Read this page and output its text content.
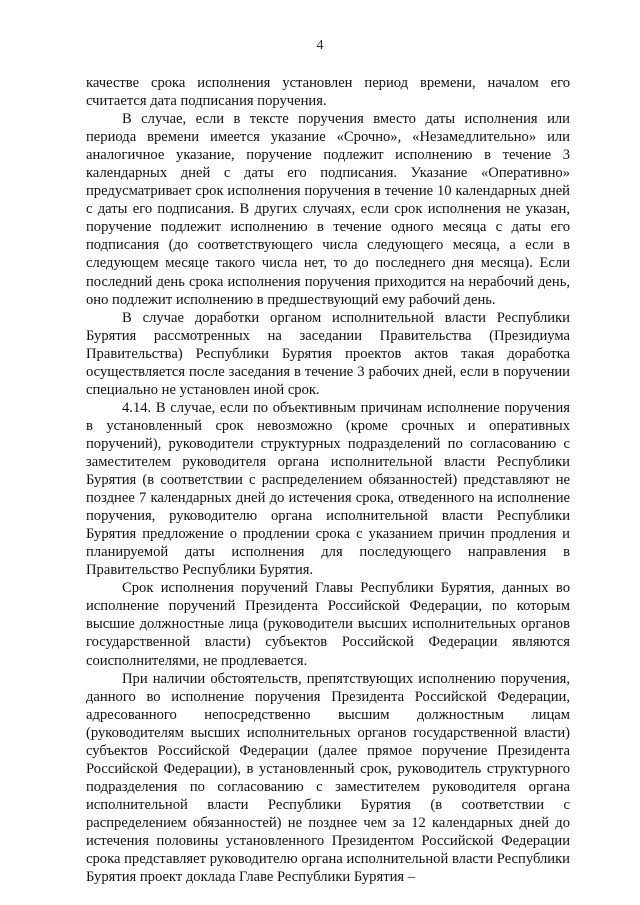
4

качестве срока исполнения установлен период времени, началом его считается дата подписания поручения.

В случае, если в тексте поручения вместо даты исполнения или периода времени имеется указание «Срочно», «Незамедлительно» или аналогичное указание, поручение подлежит исполнению в течение 3 календарных дней с даты его подписания. Указание «Оперативно» предусматривает срок исполнения поручения в течение 10 календарных дней с даты его подписания. В других случаях, если срок исполнения не указан, поручение подлежит исполнению в течение одного месяца с даты его подписания (до соответствующего числа следующего месяца, а если в следующем месяце такого числа нет, то до последнего дня месяца). Если последний день срока исполнения поручения приходится на нерабочий день, оно подлежит исполнению в предшествующий ему рабочий день.

В случае доработки органом исполнительной власти Республики Бурятия рассмотренных на заседании Правительства (Президиума Правительства) Республики Бурятия проектов актов такая доработка осуществляется после заседания в течение 3 рабочих дней, если в поручении специально не установлен иной срок.

4.14. В случае, если по объективным причинам исполнение поручения в установленный срок невозможно (кроме срочных и оперативных поручений), руководители структурных подразделений по согласованию с заместителем руководителя органа исполнительной власти Республики Бурятия (в соответствии с распределением обязанностей) представляют не позднее 7 календарных дней до истечения срока, отведенного на исполнение поручения, руководителю органа исполнительной власти Республики Бурятия предложение о продлении срока с указанием причин продления и планируемой даты исполнения для последующего направления в Правительство Республики Бурятия.

Срок исполнения поручений Главы Республики Бурятия, данных во исполнение поручений Президента Российской Федерации, по которым высшие должностные лица (руководители высших исполнительных органов государственной власти) субъектов Российской Федерации являются соисполнителями, не продлевается.

При наличии обстоятельств, препятствующих исполнению поручения, данного во исполнение поручения Президента Российской Федерации, адресованного непосредственно высшим должностным лицам (руководителям высших исполнительных органов государственной власти) субъектов Российской Федерации (далее прямое поручение Президента Российской Федерации), в установленный срок, руководитель структурного подразделения по согласованию с заместителем руководителя органа исполнительной власти Республики Бурятия (в соответствии с распределением обязанностей) не позднее чем за 12 календарных дней до истечения половины установленного Президентом Российской Федерации срока представляет руководителю органа исполнительной власти Республики Бурятия проект доклада Главе Республики Бурятия –
